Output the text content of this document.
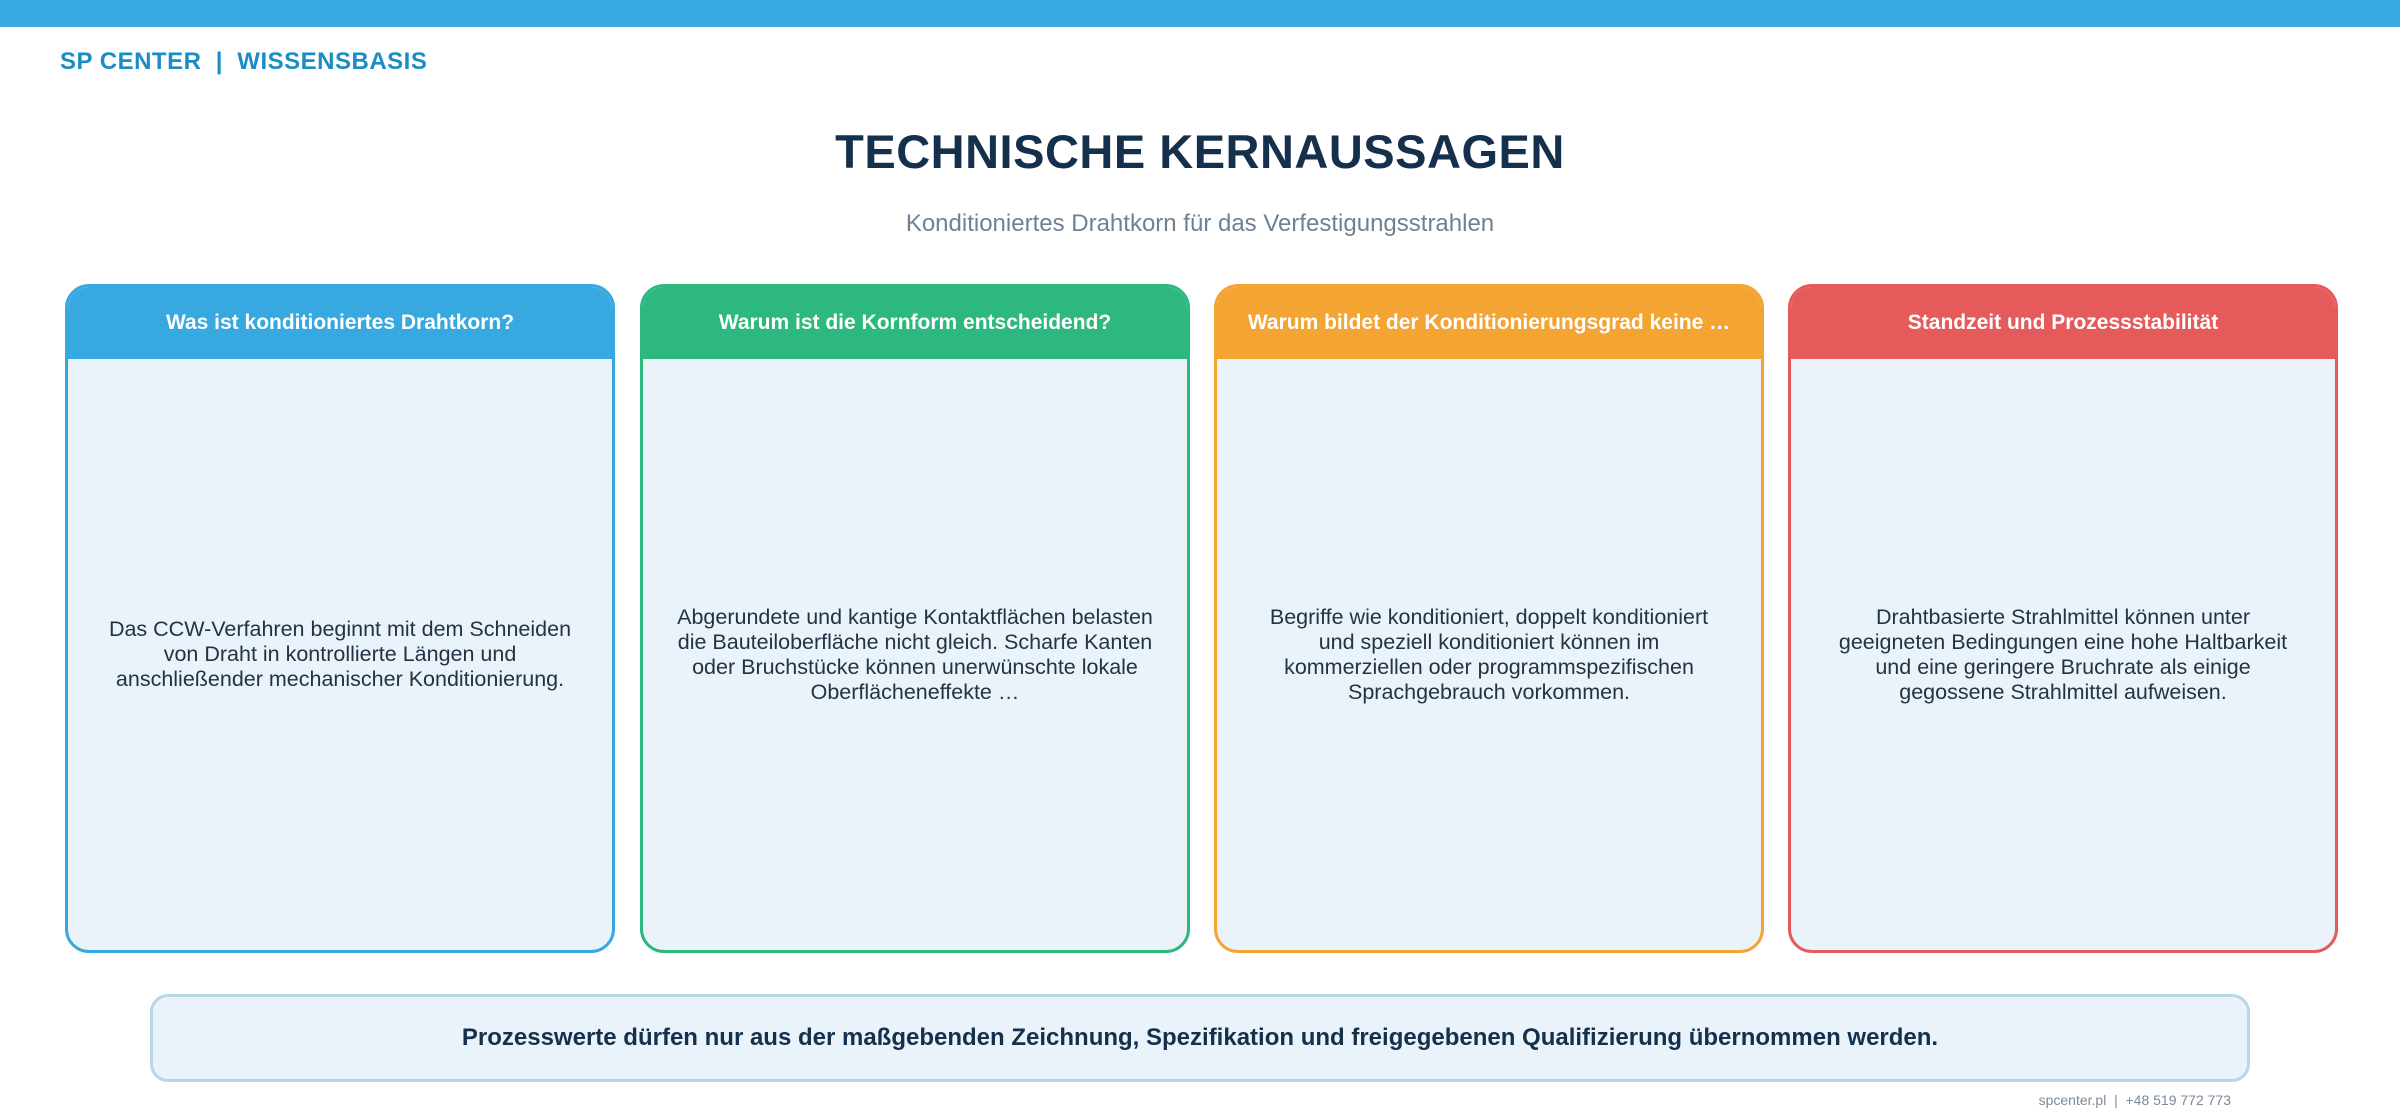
SP CENTER  |  WISSENSBASIS
TECHNISCHE KERNAUSSAGEN
Konditioniertes Drahtkorn für das Verfestigungsstrahlen
Was ist konditioniertes Drahtkorn?
Das CCW-Verfahren beginnt mit dem Schneiden von Draht in kontrollierte Längen und anschließender mechanischer Konditionierung.
Warum ist die Kornform entscheidend?
Abgerundete und kantige Kontaktflächen belasten die Bauteiloberfläche nicht gleich. Scharfe Kanten oder Bruchstücke können unerwünschte lokale Oberflächeneffekte …
Warum bildet der Konditionierungsgrad keine …
Begriffe wie konditioniert, doppelt konditioniert und speziell konditioniert können im kommerziellen oder programmspezifischen Sprachgebrauch vorkommen.
Standzeit und Prozessstabilität
Drahtbasierte Strahlmittel können unter geeigneten Bedingungen eine hohe Haltbarkeit und eine geringere Bruchrate als einige gegossene Strahlmittel aufweisen.
Prozesswerte dürfen nur aus der maßgebenden Zeichnung, Spezifikation und freigegebenen Qualifizierung übernommen werden.
spcenter.pl  |  +48 519 772 773
